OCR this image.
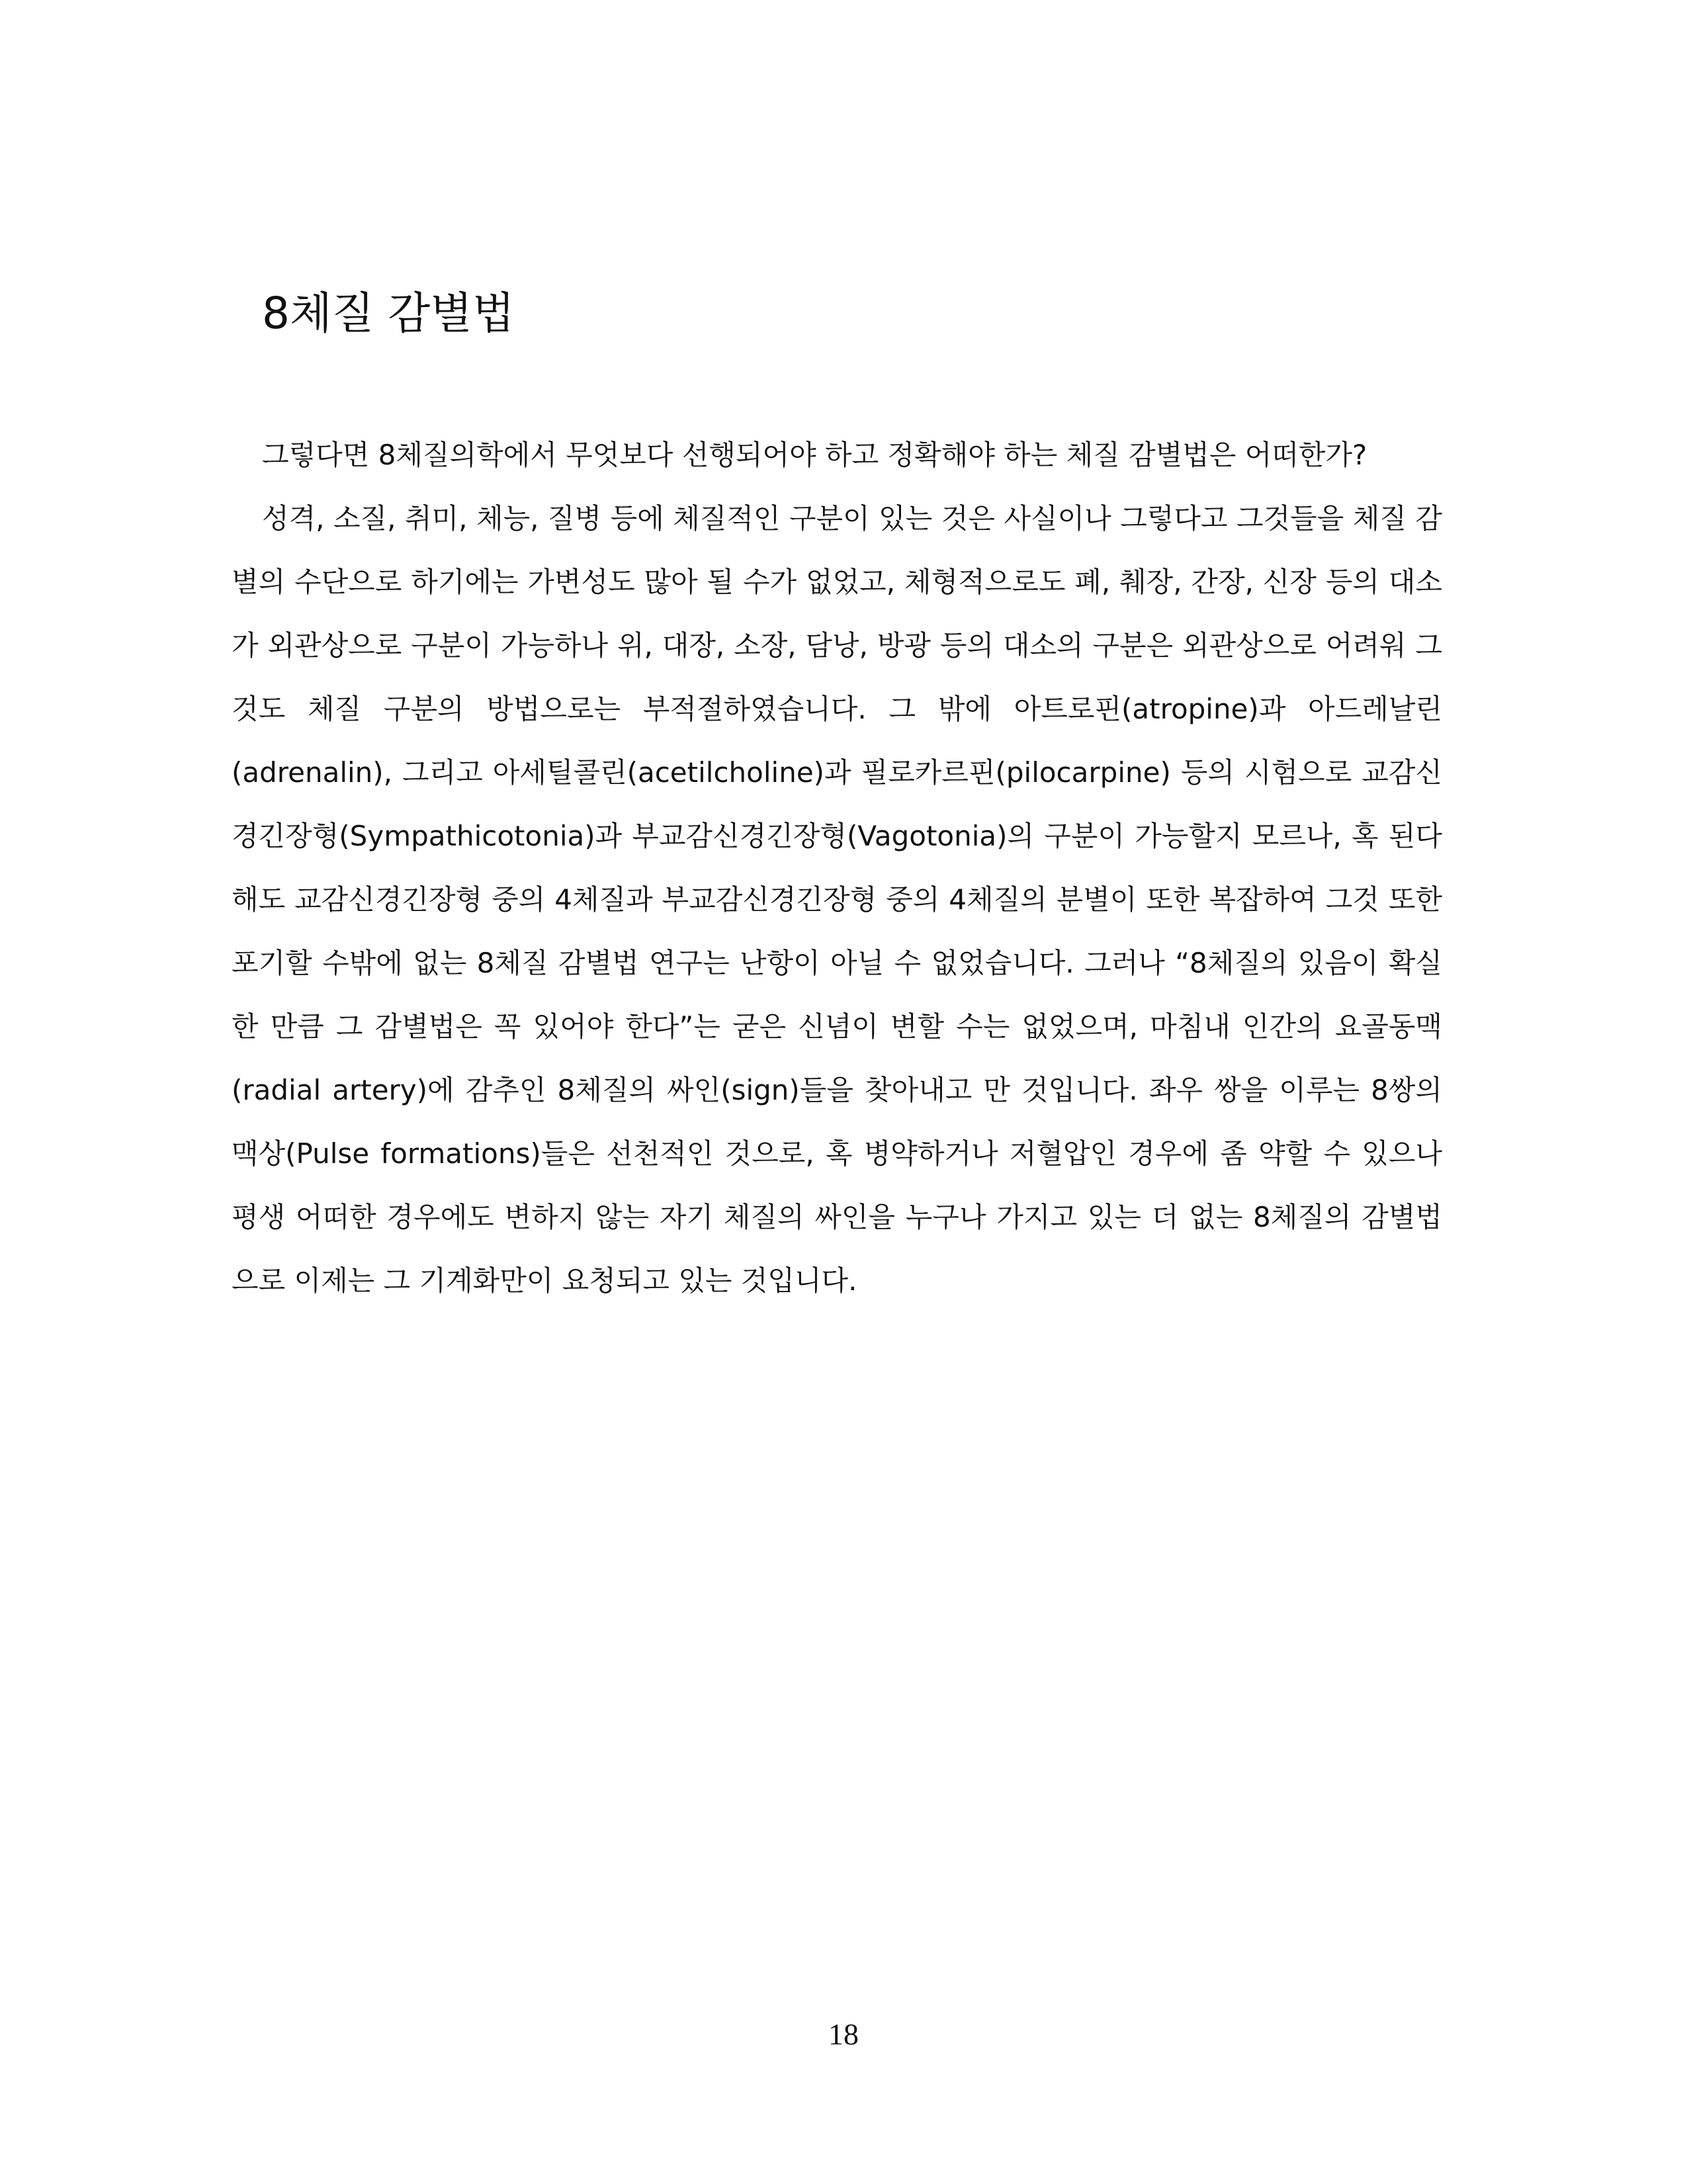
8체질 감별법

그렇다면 8체질의학에서 무엇보다 선행되어야 하고 정확해야 하는 체질 감별법은 어떠한가?

성격, 소질, 취미, 체능, 질병 등에 체질적인 구분이 있는 것은 사실이나 그렇다고 그것들을 체질 감별의 수단으로 하기에는 가변성도 많아 될 수가 없었고, 체형적으로도 폐, 췌장, 간장, 신장 등의 대소가 외관상으로 구분이 가능하나 위, 대장, 소장, 담낭, 방광 등의 대소의 구분은 외관상으로 어려워 그것도 체질 구분의 방법으로는 부적절하였습니다. 그 밖에 아트로핀(atropine)과 아드레날린(adrenalin), 그리고 아세틸콜린(acetilcholine)과 필로카르핀(pilocarpine) 등의 시험으로 교감신경긴장형(Sympathicotonia)과 부교감신경긴장형(Vagotonia)의 구분이 가능할지 모르나, 혹 된다 해도 교감신경긴장형 중의 4체질과 부교감신경긴장형 중의 4체질의 분별이 또한 복잡하여 그것 또한 포기할 수밖에 없는 8체질 감별법 연구는 난항이 아닐 수 없었습니다. 그러나 “8체질의 있음이 확실한 만큼 그 감별법은 꼭 있어야 한다”는 굳은 신념이 변할 수는 없었으며, 마침내 인간의 요골동맥(radial artery)에 감추인 8체질의 싸인(sign)들을 찾아내고 만 것입니다. 좌우 쌍을 이루는 8쌍의 맥상(Pulse formations)들은 선천적인 것으로, 혹 병약하거나 저혈압인 경우에 좀 약할 수 있으나 평생 어떠한 경우에도 변하지 않는 자기 체질의 싸인을 누구나 가지고 있는 더 없는 8체질의 감별법으로 이제는 그 기계화만이 요청되고 있는 것입니다.

18
